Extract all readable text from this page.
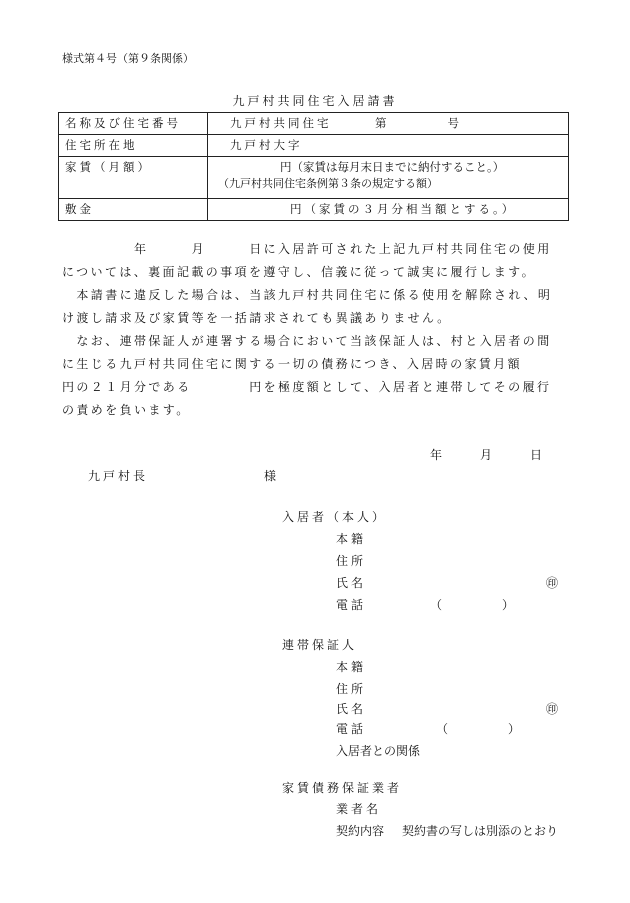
様式第４号（第９条関係）
九戸村共同住宅入居請書
名称及び住宅番号	九戸村共同住宅　　　第　　　　号
住宅所在地	九戸村大字
家賃（月額）	円（家賃は毎月末日までに納付すること。）
（九戸村共同住宅条例第３条の規定する額）

敷金	円（家賃の３月分相当額とする。）

　　　　　年　　　月　　　日に入居許可された上記九戸村共同住宅の使用については、裏面記載の事項を遵守し、信義に従って誠実に履行します。

　本請書に違反した場合は、当該九戸村共同住宅に係る使用を解除され、明け渡し請求及び家賃等を一括請求されても異議ありません。

　なお、連帯保証人が連署する場合において当該保証人は、村と入居者の間に生じる九戸村共同住宅に関する一切の債務につき、入居時の家賃月額　　　円の２１月分である　　　　円を極度額として、入居者と連帯してその履行の責めを負います。

年	月	日
九戸村長	様
入居者（本人）
本籍
住所
氏名	㊞
電話	（　　　　　）
連帯保証人
本籍
住所
氏名	㊞
電話	（　　　　　）
入居者との関係
家賃債務保証業者
業者名
契約内容 契約書の写しは別添のとおり
